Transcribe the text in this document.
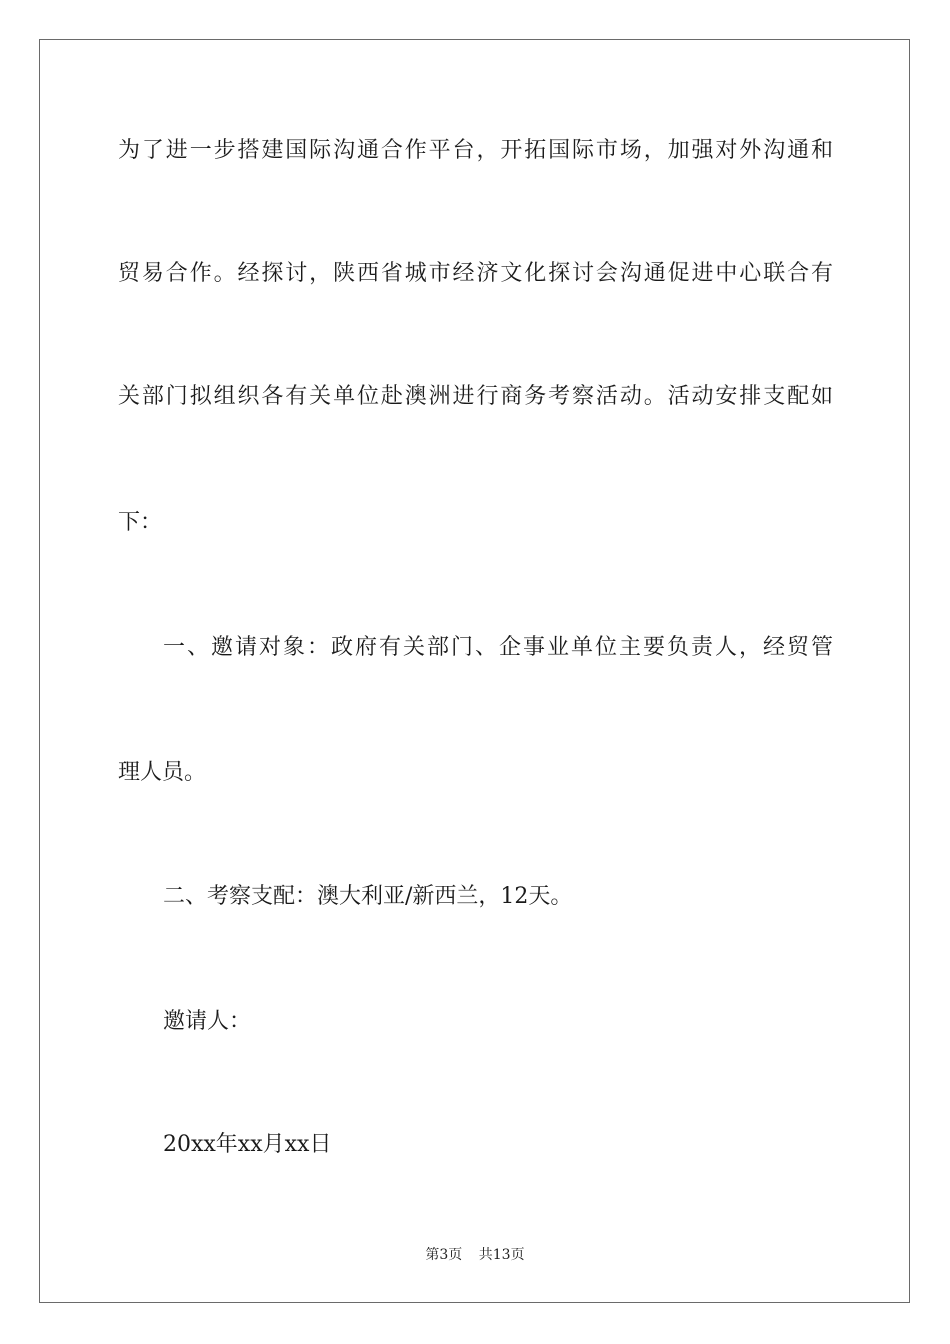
为了进一步搭建国际沟通合作平台，开拓国际市场，加强对外沟通和
贸易合作。经探讨，陕西省城市经济文化探讨会沟通促进中心联合有
关部门拟组织各有关单位赴澳洲进行商务考察活动。活动安排支配如
下：
一、邀请对象：政府有关部门、企事业单位主要负责人，经贸管
理人员。
二、考察支配：澳大利亚/新西兰，12天。
邀请人：
20xx年xx月xx日
第3页 共13页
